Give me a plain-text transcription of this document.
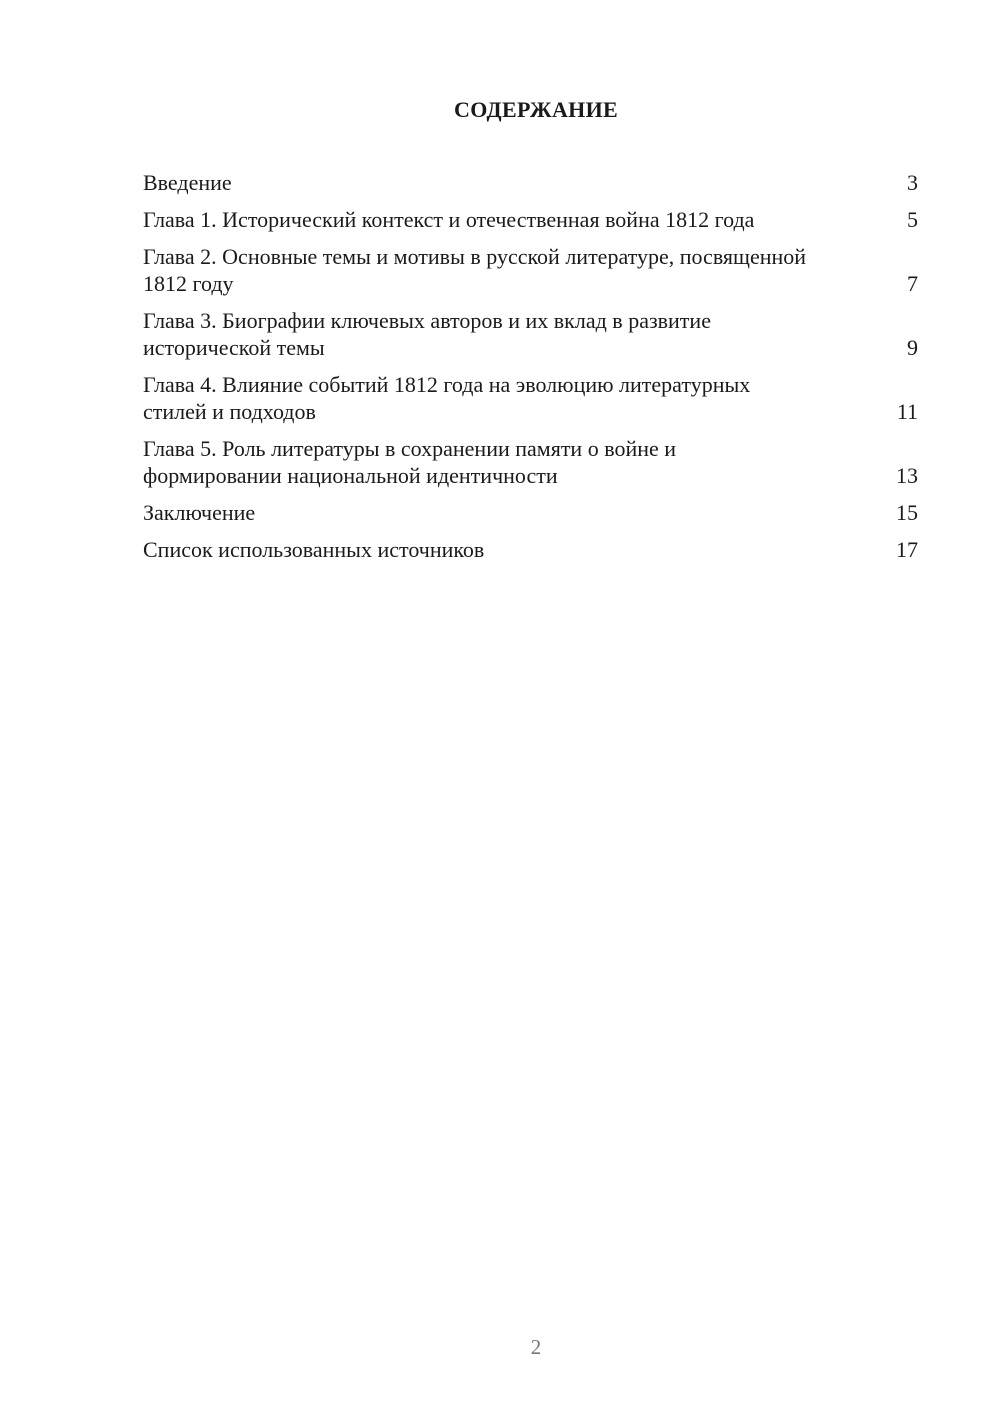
СОДЕРЖАНИЕ
Введение	3
Глава 1. Исторический контекст и отечественная война 1812 года	5
Глава 2. Основные темы и мотивы в русской литературе, посвященной 1812 году	7
Глава 3. Биографии ключевых авторов и их вклад в развитие исторической темы	9
Глава 4. Влияние событий 1812 года на эволюцию литературных стилей и подходов	11
Глава 5. Роль литературы в сохранении памяти о войне и формировании национальной идентичности	13
Заключение	15
Список использованных источников	17
2
